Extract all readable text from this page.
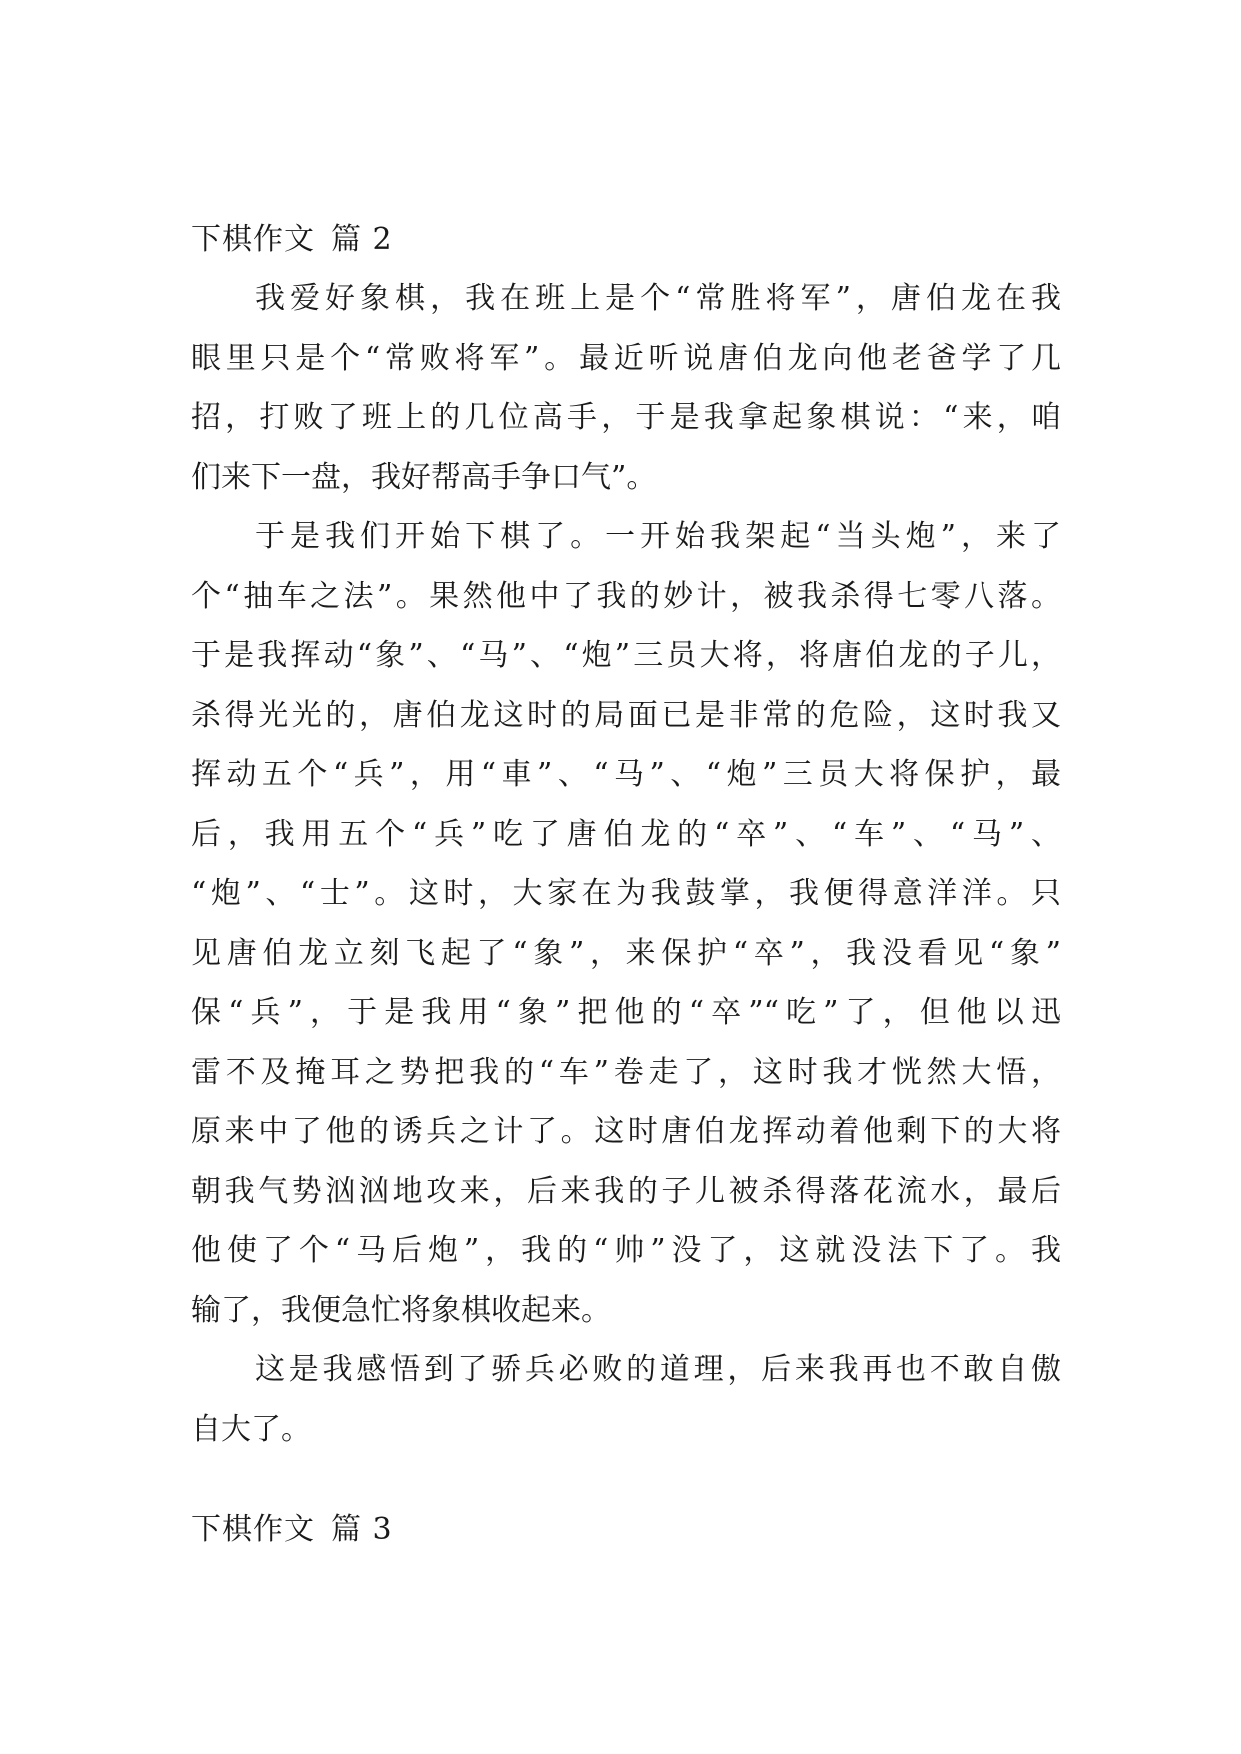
下棋作文 篇 2
我爱好象棋，我在班上是个“常胜将军”，唐伯龙在我
眼里只是个“常败将军”。最近听说唐伯龙向他老爸学了几
招，打败了班上的几位高手，于是我拿起象棋说：“来，咱
们来下一盘，我好帮高手争口气”。
于是我们开始下棋了。一开始我架起“当头炮”，来了
个“抽车之法”。果然他中了我的妙计，被我杀得七零八落。
于是我挥动“象”、“马”、“炮”三员大将，将唐伯龙的子儿，
杀得光光的，唐伯龙这时的局面已是非常的危险，这时我又
挥动五个“兵”，用“車”、“马”、“炮”三员大将保护，最
后，我用五个“兵”吃了唐伯龙的“卒”、“车”、“马”、
“炮”、“士”。这时，大家在为我鼓掌，我便得意洋洋。只
见唐伯龙立刻飞起了“象”，来保护“卒”，我没看见“象”
保“兵”，于是我用“象”把他的“卒”“吃”了，但他以迅
雷不及掩耳之势把我的“车”卷走了，这时我才恍然大悟，
原来中了他的诱兵之计了。这时唐伯龙挥动着他剩下的大将
朝我气势汹汹地攻来，后来我的子儿被杀得落花流水，最后
他使了个“马后炮”，我的“帅”没了，这就没法下了。我
输了，我便急忙将象棋收起来。
这是我感悟到了骄兵必败的道理，后来我再也不敢自傲
自大了。
下棋作文 篇 3
